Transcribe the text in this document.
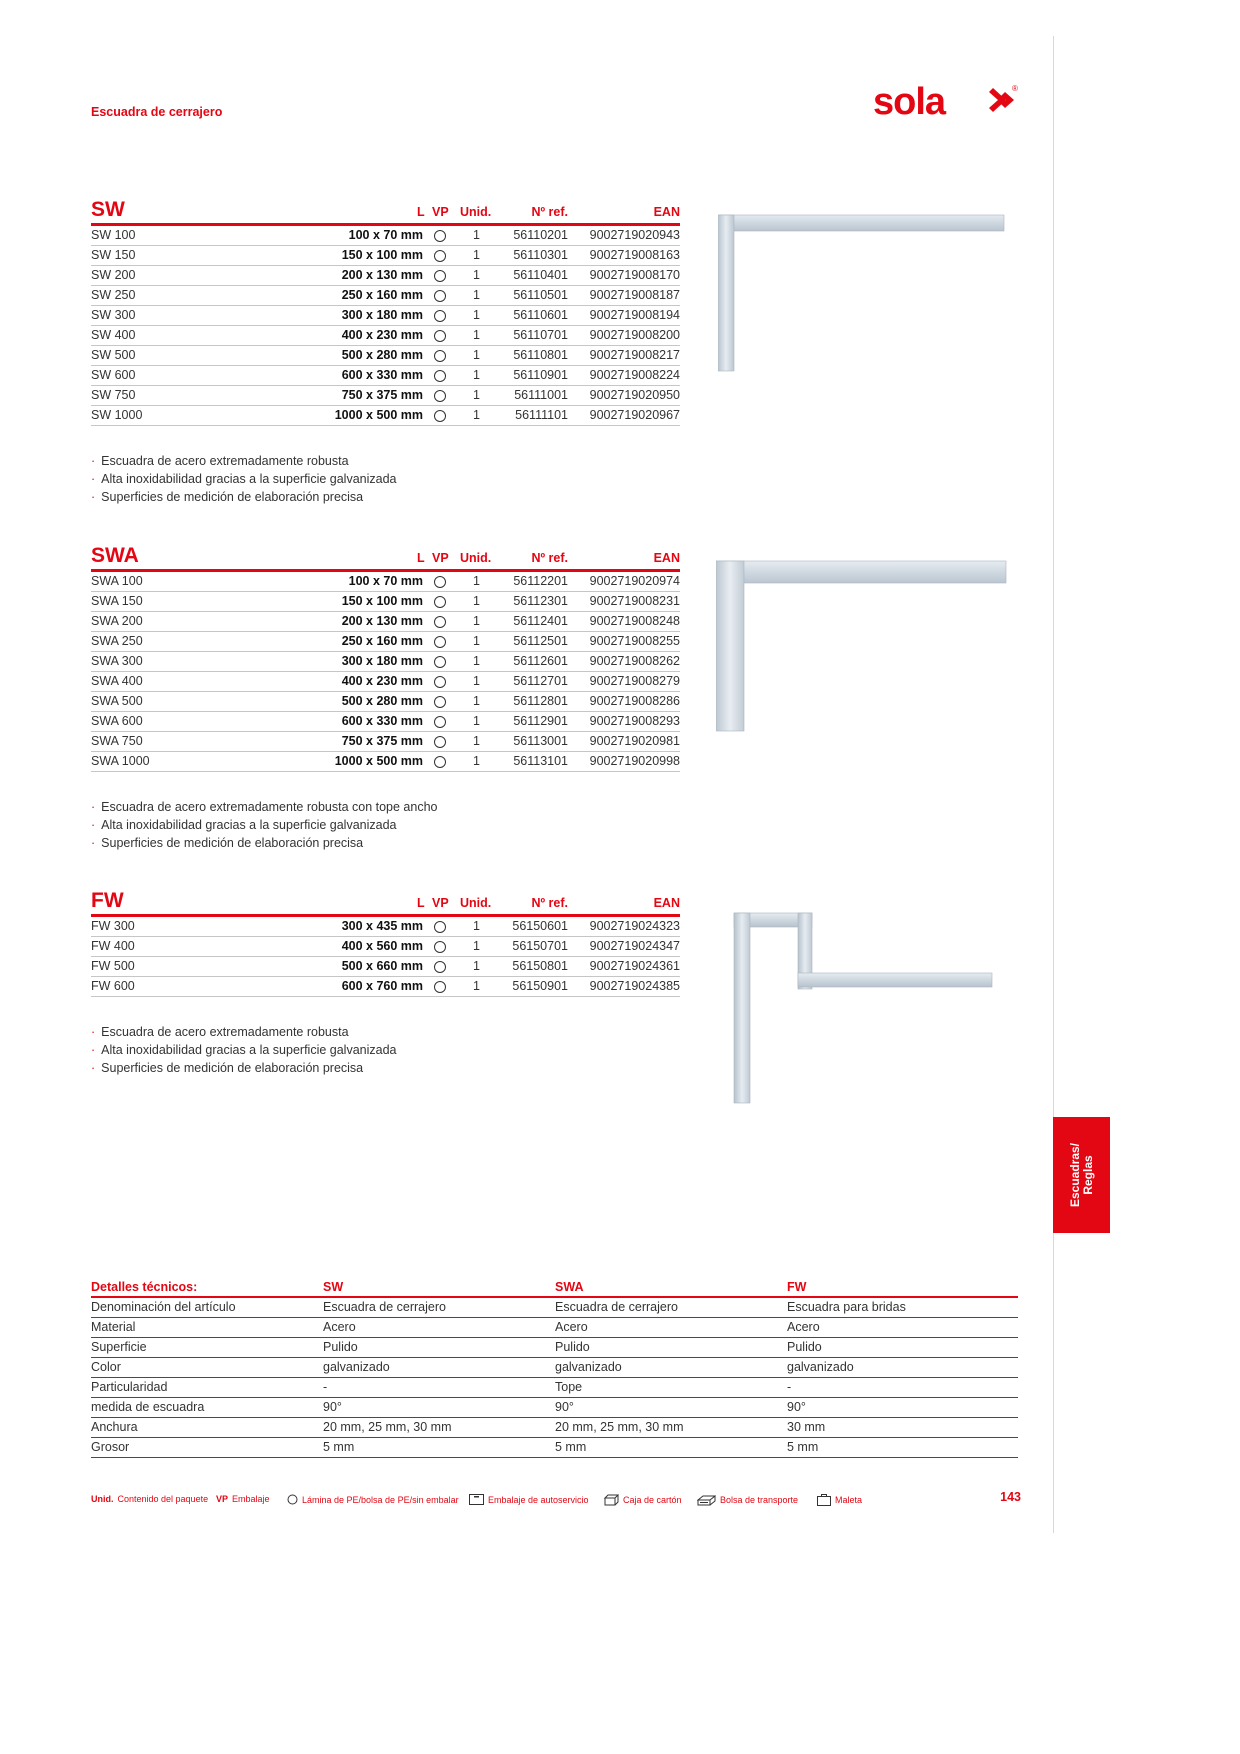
Escuadra de cerrajero	sola	®
Escuadras/ Reglas
SW	L VP Unid.	Nº ref.	EAN
SW 100	100 x 70 mm	1	56110201 9002719020943
SW 150	150 x 100 mm	1	56110301 9002719008163
SW 200	200 x 130 mm	1	56110401 9002719008170
SW 250	250 x 160 mm	1	56110501 9002719008187
SW 300	300 x 180 mm	1	56110601 9002719008194
SW 400	400 x 230 mm	1	56110701 9002719008200
SW 500	500 x 280 mm	1	56110801 9002719008217
SW 600	600 x 330 mm	1	56110901 9002719008224
SW 750	750 x 375 mm	1	56111001 9002719020950
SW 1000	1000 x 500 mm	1	56111101 9002719020967
· Escuadra de acero extremadamente robusta
· Alta inoxidabilidad gracias a la superficie galvanizada
· Superficies de medición de elaboración precisa
SWA	L VP Unid.	Nº ref.	EAN
SWA 100	100 x 70 mm	1	56112201 9002719020974
SWA 150	150 x 100 mm	1	56112301 9002719008231
SWA 200	200 x 130 mm	1	56112401 9002719008248
SWA 250	250 x 160 mm	1	56112501 9002719008255
SWA 300	300 x 180 mm	1	56112601 9002719008262
SWA 400	400 x 230 mm	1	56112701 9002719008279
SWA 500	500 x 280 mm	1	56112801 9002719008286
SWA 600	600 x 330 mm	1	56112901 9002719008293
SWA 750	750 x 375 mm	1	56113001 9002719020981
SWA 1000	1000 x 500 mm	1	56113101 9002719020998
· Escuadra de acero extremadamente robusta con tope ancho
· Alta inoxidabilidad gracias a la superficie galvanizada
· Superficies de medición de elaboración precisa
FW	L VP Unid.	Nº ref.	EAN
FW 300	300 x 435 mm	1	56150601 9002719024323
FW 400	400 x 560 mm	1	56150701 9002719024347
FW 500	500 x 660 mm	1	56150801 9002719024361
FW 600	600 x 760 mm	1	56150901 9002719024385
· Escuadra de acero extremadamente robusta
· Alta inoxidabilidad gracias a la superficie galvanizada
· Superficies de medición de elaboración precisa
Detalles técnicos:	SW	SWA	FW
Denominación del artículo	Escuadra de cerrajero	Escuadra de cerrajero	Escuadra para bridas
Material	Acero	Acero	Acero
Superficie	Pulido	Pulido	Pulido
Color	galvanizado	galvanizado	galvanizado
Particularidad	-	Tope	-
medida de escuadra	90°	90°	90°
Anchura	20 mm, 25 mm, 30 mm	20 mm, 25 mm, 30 mm	30 mm
Grosor	5 mm	5 mm	5 mm
Unid. Contenido del paquete VP Embalaje	Lámina de PE/bolsa de PE/sin embalar	Embalaje de autoservicio	Caja de cartón	Bolsa de transporte	Maleta	143
